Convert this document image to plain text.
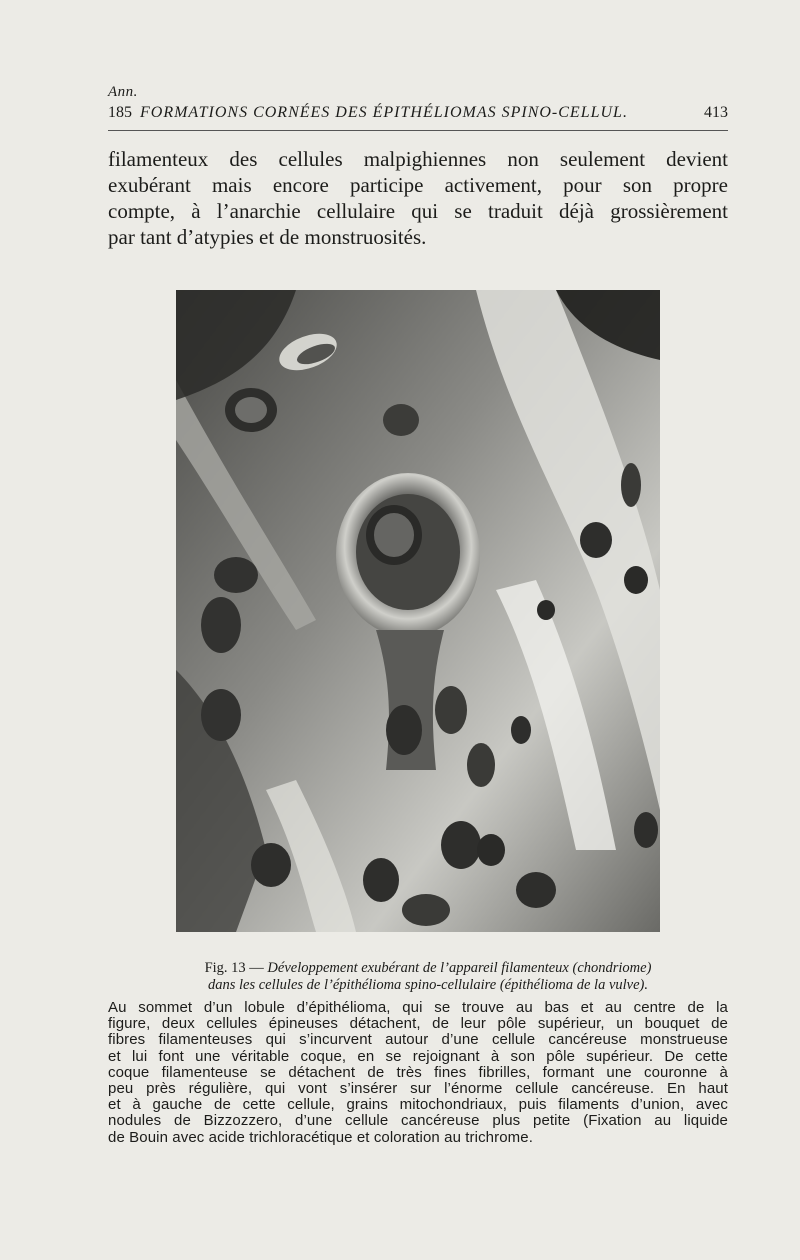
Ann.
185 FORMATIONS CORNÉES DES ÉPITHÉLIOMAS SPINO-CELLUL.	413
filamenteux des cellules malpighiennes non seulement devient
exubérant mais encore participe activement, pour son propre
compte, à l’anarchie cellulaire qui se traduit déjà grossièrement
par tant d’atypies et de monstruosités.
Fig. 13 — Développement exubérant de l’appareil filamenteux (chondriome)
dans les cellules de l’épithélioma spino-cellulaire (épithélioma de la vulve).
Au sommet d’un lobule d’épithélioma, qui se trouve au bas et au centre de la
figure, deux cellules épineuses détachent, de leur pôle supérieur, un bouquet de
fibres filamenteuses qui s’incurvent autour d’une cellule cancéreuse monstrueuse
et lui font une véritable coque, en se rejoignant à son pôle supérieur. De cette
coque filamenteuse se détachent de très fines fibrilles, formant une couronne à
peu près régulière, qui vont s’insérer sur l’énorme cellule cancéreuse. En haut
et à gauche de cette cellule, grains mitochondriaux, puis filaments d’union, avec
nodules de Bizzozzero, d’une cellule cancéreuse plus petite (Fixation au liquide
de Bouin avec acide trichloracétique et coloration au trichrome.
